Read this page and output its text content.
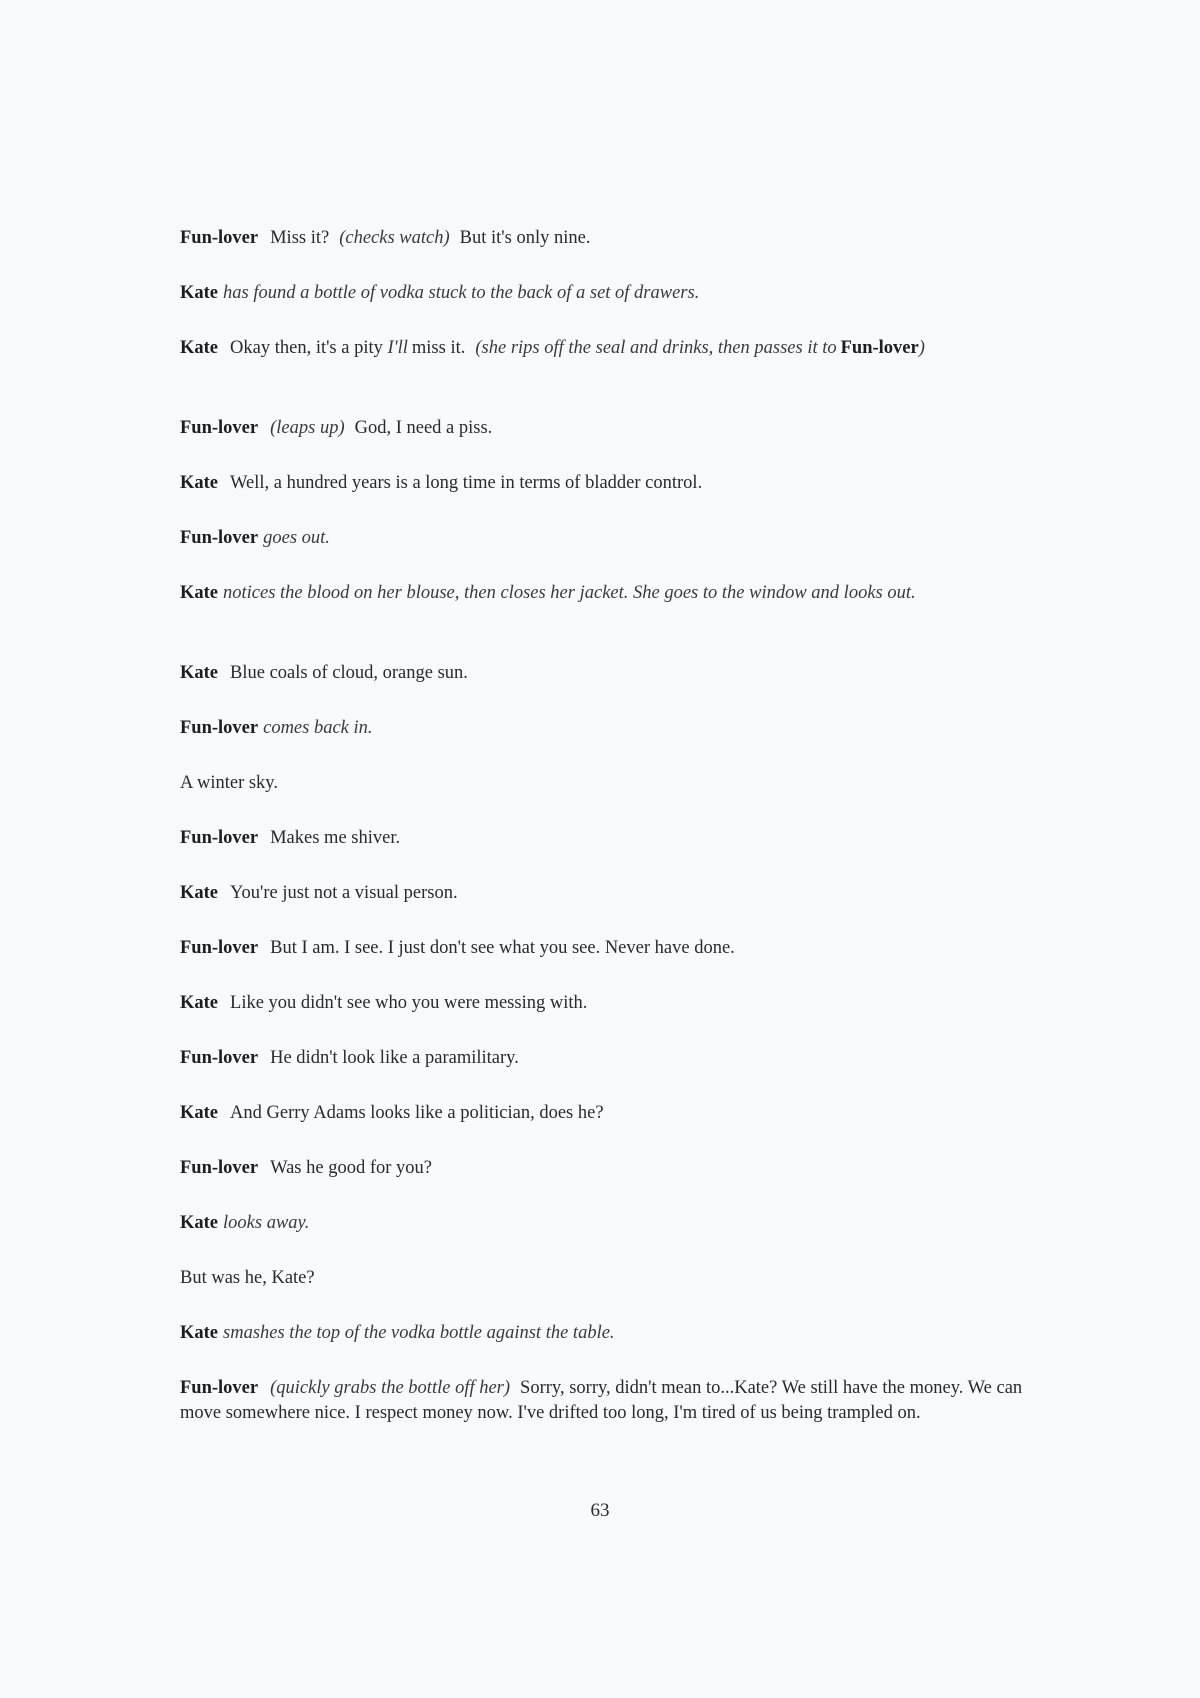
Fun-lover Miss it? (checks watch) But it's only nine.

Kate has found a bottle of vodka stuck to the back of a set of drawers.

Kate Okay then, it's a pity I'll miss it. (she rips off the seal and drinks, then passes it to Fun-lover)

Fun-lover (leaps up) God, I need a piss.

Kate Well, a hundred years is a long time in terms of bladder control.

Fun-lover goes out.

Kate notices the blood on her blouse, then closes her jacket. She goes to the window and looks out.

Kate Blue coals of cloud, orange sun.

Fun-lover comes back in.

A winter sky.

Fun-lover Makes me shiver.

Kate You're just not a visual person.

Fun-lover But I am. I see. I just don't see what you see. Never have done.

Kate Like you didn't see who you were messing with.

Fun-lover He didn't look like a paramilitary.

Kate And Gerry Adams looks like a politician, does he?

Fun-lover Was he good for you?

Kate looks away.

But was he, Kate?

Kate smashes the top of the vodka bottle against the table.

Fun-lover (quickly grabs the bottle off her) Sorry, sorry, didn't mean to...Kate? We still have the money. We can move somewhere nice. I respect money now. I've drifted too long, I'm tired of us being trampled on.

63
